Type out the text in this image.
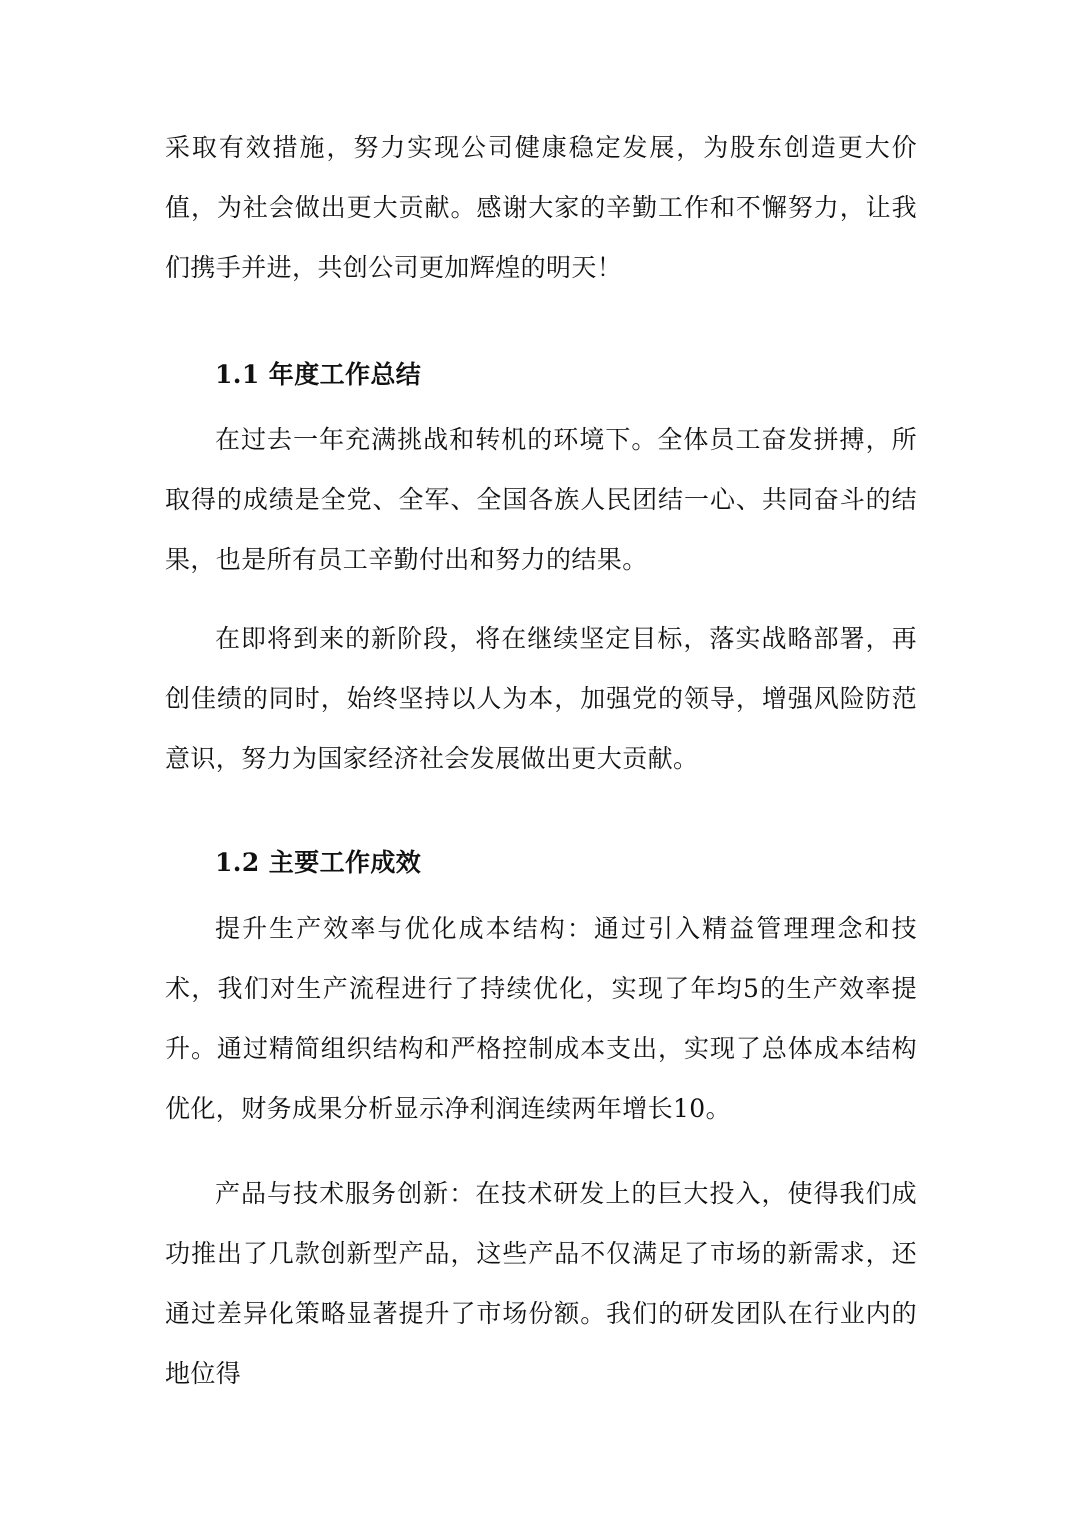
采取有效措施，努力实现公司健康稳定发展，为股东创造更大价值，为社会做出更大贡献。感谢大家的辛勤工作和不懈努力，让我们携手并进，共创公司更加辉煌的明天！

1.1 年度工作总结

在过去一年充满挑战和转机的环境下。全体员工奋发拼搏，所取得的成绩是全党、全军、全国各族人民团结一心、共同奋斗的结果，也是所有员工辛勤付出和努力的结果。

在即将到来的新阶段，将在继续坚定目标，落实战略部署，再创佳绩的同时，始终坚持以人为本，加强党的领导，增强风险防范意识，努力为国家经济社会发展做出更大贡献。

1.2 主要工作成效

提升生产效率与优化成本结构：通过引入精益管理理念和技术，我们对生产流程进行了持续优化，实现了年均5的生产效率提升。通过精简组织结构和严格控制成本支出，实现了总体成本结构优化，财务成果分析显示净利润连续两年增长10。

产品与技术服务创新：在技术研发上的巨大投入，使得我们成功推出了几款创新型产品，这些产品不仅满足了市场的新需求，还通过差异化策略显著提升了市场份额。我们的研发团队在行业内的地位得
